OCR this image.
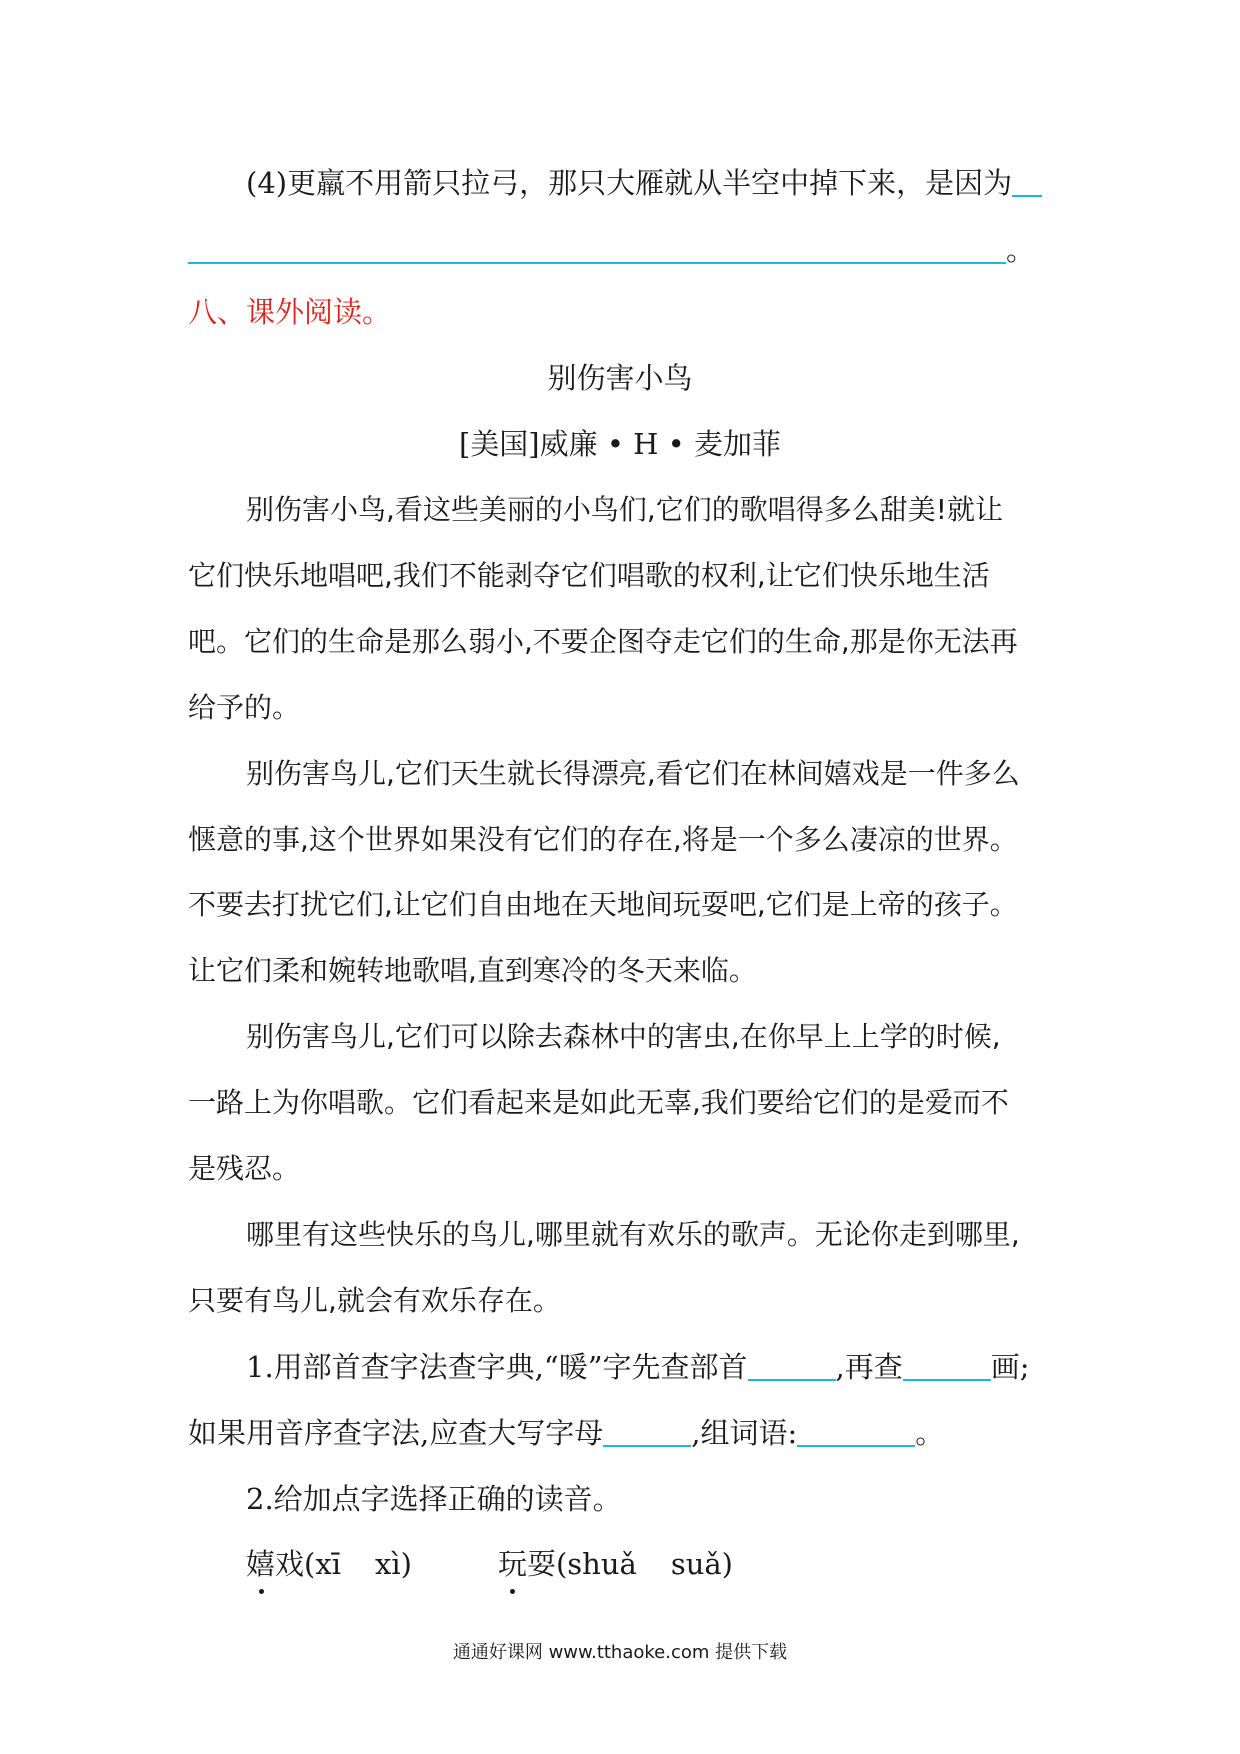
(4)更羸不用箭只拉弓，那只大雁就从半空中掉下来，是因为
。
八、课外阅读。
别伤害小鸟
[美国]威廉 • H • 麦加菲
别伤害小鸟,看这些美丽的小鸟们,它们的歌唱得多么甜美!就让
它们快乐地唱吧,我们不能剥夺它们唱歌的权利,让它们快乐地生活
吧。它们的生命是那么弱小,不要企图夺走它们的生命,那是你无法再
给予的。
别伤害鸟儿,它们天生就长得漂亮,看它们在林间嬉戏是一件多么
惬意的事,这个世界如果没有它们的存在,将是一个多么凄凉的世界。
不要去打扰它们,让它们自由地在天地间玩耍吧,它们是上帝的孩子。
让它们柔和婉转地歌唱,直到寒冷的冬天来临。
别伤害鸟儿,它们可以除去森林中的害虫,在你早上上学的时候,
一路上为你唱歌。它们看起来是如此无辜,我们要给它们的是爱而不
是残忍。
哪里有这些快乐的鸟儿,哪里就有欢乐的歌声。无论你走到哪里,
只要有鸟儿,就会有欢乐存在。
1.用部首查字法查字典,“暖”字先查部首	,再查	画;
如果用音序查字法,应查大写字母	,组词语:	。
2.给加点字选择正确的读音。
嬉戏(xī xì)	玩耍(shuǎ suǎ)
通通好课网 www.tthaoke.com 提供下载
